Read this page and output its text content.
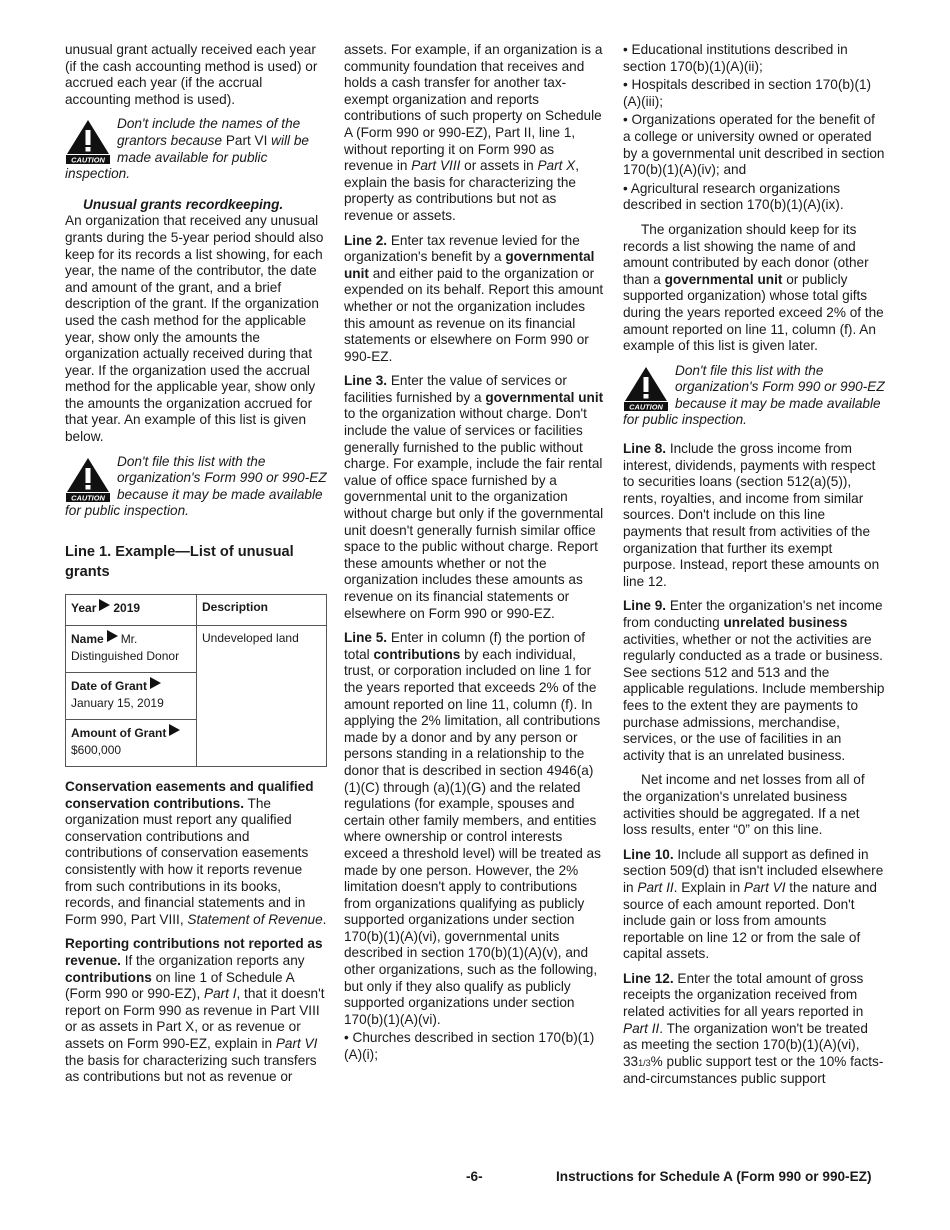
unusual grant actually received each year (if the cash accounting method is used) or accrued each year (if the accrual accounting method is used).

CAUTION
Don't include the names of the grantors because Part VI will be made available for public inspection.

Unusual grants recordkeeping.
An organization that received any unusual grants during the 5-year period should also keep for its records a list showing, for each year, the name of the contributor, the date and amount of the grant, and a brief description of the grant. If the organization used the cash method for the applicable year, show only the amounts the organization actually received during that year. If the organization used the accrual method for the applicable year, show only the amounts the organization accrued for that year. An example of this list is given below.

CAUTION
Don't file this list with the organization's Form 990 or 990-EZ because it may be made available for public inspection.
Line 1. Example—List of unusual grants
Year 2019	Description
Name Mr. Distinguished Donor	Undeveloped land
Date of Grant
January 15, 2019	
Amount of Grant
$600,000	

Conservation easements and qualified conservation contributions. The organization must report any qualified conservation contributions and contributions of conservation easements consistently with how it reports revenue from such contributions in its books, records, and financial statements and in Form 990, Part VIII, Statement of Revenue.

Reporting contributions not reported as revenue. If the organization reports any contributions on line 1 of Schedule A (Form 990 or 990-EZ), Part I, that it doesn't report on Form 990 as revenue in Part VIII or as assets in Part X, or as revenue or assets on Form 990-EZ, explain in Part VI the basis for characterizing such transfers as contributions but not as revenue or

assets. For example, if an organization is a community foundation that receives and holds a cash transfer for another tax-exempt organization and reports contributions of such property on Schedule A (Form 990 or 990-EZ), Part II, line 1, without reporting it on Form 990 as revenue in Part VIII or assets in Part X, explain the basis for characterizing the property as contributions but not as revenue or assets.

Line 2. Enter tax revenue levied for the organization's benefit by a governmental unit and either paid to the organization or expended on its behalf. Report this amount whether or not the organization includes this amount as revenue on its financial statements or elsewhere on Form 990 or 990-EZ.

Line 3. Enter the value of services or facilities furnished by a governmental unit to the organization without charge. Don't include the value of services or facilities generally furnished to the public without charge. For example, include the fair rental value of office space furnished by a governmental unit to the organization without charge but only if the governmental unit doesn't generally furnish similar office space to the public without charge. Report these amounts whether or not the organization includes these amounts as revenue on its financial statements or elsewhere on Form 990 or 990-EZ.

Line 5. Enter in column (f) the portion of total contributions by each individual, trust, or corporation included on line 1 for the years reported that exceeds 2% of the amount reported on line 11, column (f). In applying the 2% limitation, all contributions made by a donor and by any person or persons standing in a relationship to the donor that is described in section 4946(a)(1)(C) through (a)(1)(G) and the related regulations (for example, spouses and certain other family members, and entities where ownership or control interests exceed a threshold level) will be treated as made by one person. However, the 2% limitation doesn't apply to contributions from organizations qualifying as publicly supported organizations under section 170(b)(1)(A)(vi), governmental units described in section 170(b)(1)(A)(v), and other organizations, such as the following, but only if they also qualify as publicly supported organizations under section 170(b)(1)(A)(vi).

• Churches described in section 170(b)(1)(A)(i);

• Educational institutions described in section 170(b)(1)(A)(ii);

• Hospitals described in section 170(b)(1)(A)(iii);

• Organizations operated for the benefit of a college or university owned or operated by a governmental unit described in section 170(b)(1)(A)(iv); and

• Agricultural research organizations described in section 170(b)(1)(A)(ix).

The organization should keep for its records a list showing the name of and amount contributed by each donor (other than a governmental unit or publicly supported organization) whose total gifts during the years reported exceed 2% of the amount reported on line 11, column (f). An example of this list is given later.

CAUTION
Don't file this list with the organization's Form 990 or 990-EZ because it may be made available for public inspection.

Line 8. Include the gross income from interest, dividends, payments with respect to securities loans (section 512(a)(5)), rents, royalties, and income from similar sources. Don't include on this line payments that result from activities of the organization that further its exempt purpose. Instead, report these amounts on line 12.

Line 9. Enter the organization's net income from conducting unrelated business activities, whether or not the activities are regularly conducted as a trade or business. See sections 512 and 513 and the applicable regulations. Include membership fees to the extent they are payments to purchase admissions, merchandise, services, or the use of facilities in an activity that is an unrelated business.

Net income and net losses from all of the organization's unrelated business activities should be aggregated. If a net loss results, enter “0” on this line.

Line 10. Include all support as defined in section 509(d) that isn't included elsewhere in Part II. Explain in Part VI the nature and source of each amount reported. Don't include gain or loss from amounts reportable on line 12 or from the sale of capital assets.

Line 12. Enter the total amount of gross receipts the organization received from related activities for all years reported in Part II. The organization won't be treated as meeting the section 170(b)(1)(A)(vi), 331/3% public support test or the 10% facts-and-circumstances public support

-6-	Instructions for Schedule A (Form 990 or 990-EZ)
